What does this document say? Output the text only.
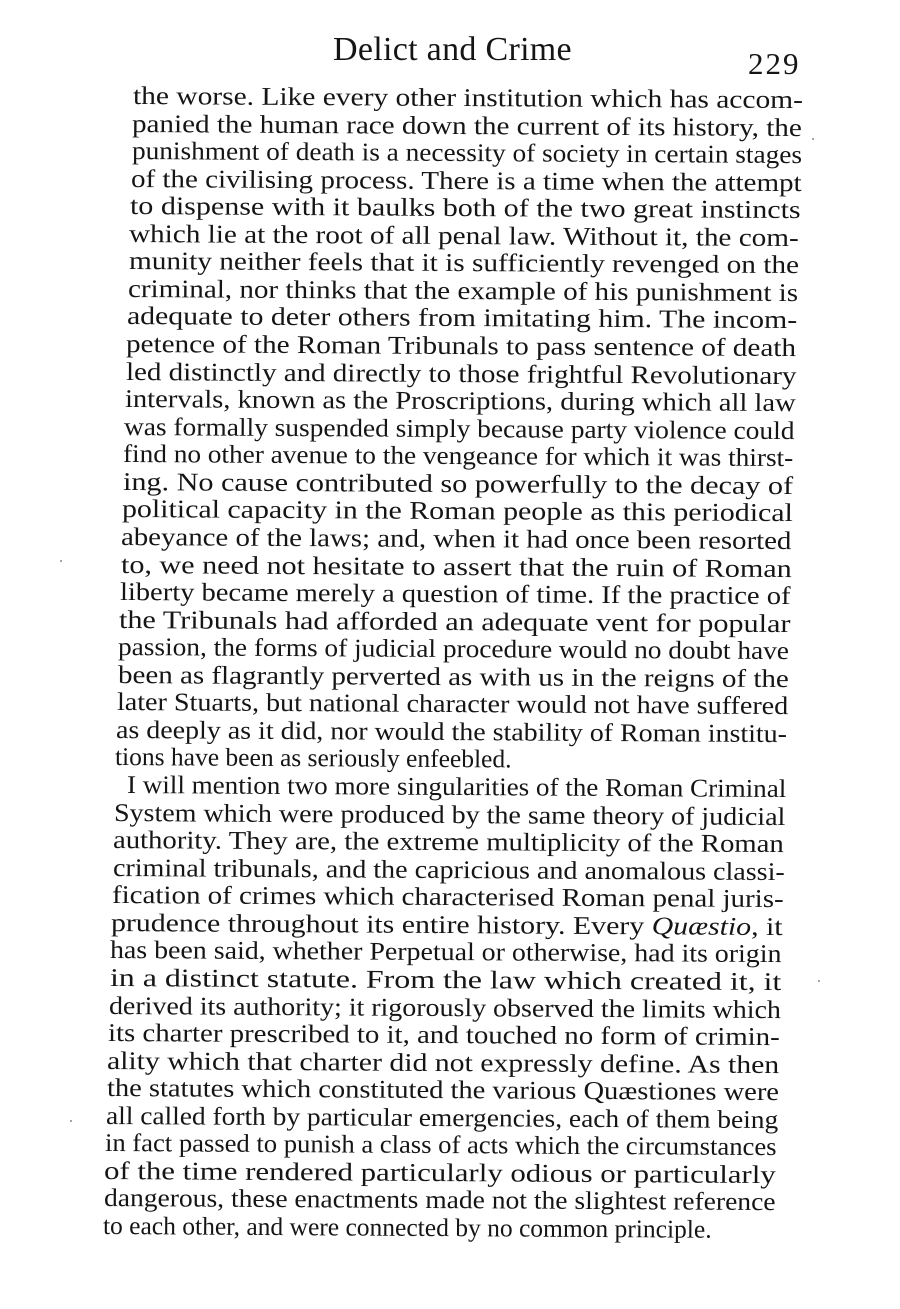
Delict and Crime	229
the worse. Like every other institution which has accom-
panied the human race down the current of its history, the
punishment of death is a necessity of society in certain stages
of the civilising process. There is a time when the attempt
to dispense with it baulks both of the two great instincts
which lie at the root of all penal law. Without it, the com-
munity neither feels that it is sufficiently revenged on the
criminal, nor thinks that the example of his punishment is
adequate to deter others from imitating him. The incom-
petence of the Roman Tribunals to pass sentence of death
led distinctly and directly to those frightful Revolutionary
intervals, known as the Proscriptions, during which all law
was formally suspended simply because party violence could
find no other avenue to the vengeance for which it was thirst-
ing. No cause contributed so powerfully to the decay of
political capacity in the Roman people as this periodical
abeyance of the laws; and, when it had once been resorted
to, we need not hesitate to assert that the ruin of Roman
liberty became merely a question of time. If the practice of
the Tribunals had afforded an adequate vent for popular
passion, the forms of judicial procedure would no doubt have
been as flagrantly perverted as with us in the reigns of the
later Stuarts, but national character would not have suffered
as deeply as it did, nor would the stability of Roman institu-
tions have been as seriously enfeebled.
I will mention two more singularities of the Roman Criminal
System which were produced by the same theory of judicial
authority. They are, the extreme multiplicity of the Roman
criminal tribunals, and the capricious and anomalous classi-
fication of crimes which characterised Roman penal juris-
prudence throughout its entire history. Every Quæstio, it
has been said, whether Perpetual or otherwise, had its origin
in a distinct statute. From the law which created it, it
derived its authority; it rigorously observed the limits which
its charter prescribed to it, and touched no form of crimin-
ality which that charter did not expressly define. As then
the statutes which constituted the various Quæstiones were
all called forth by particular emergencies, each of them being
in fact passed to punish a class of acts which the circumstances
of the time rendered particularly odious or particularly
dangerous, these enactments made not the slightest reference
to each other, and were connected by no common principle.
